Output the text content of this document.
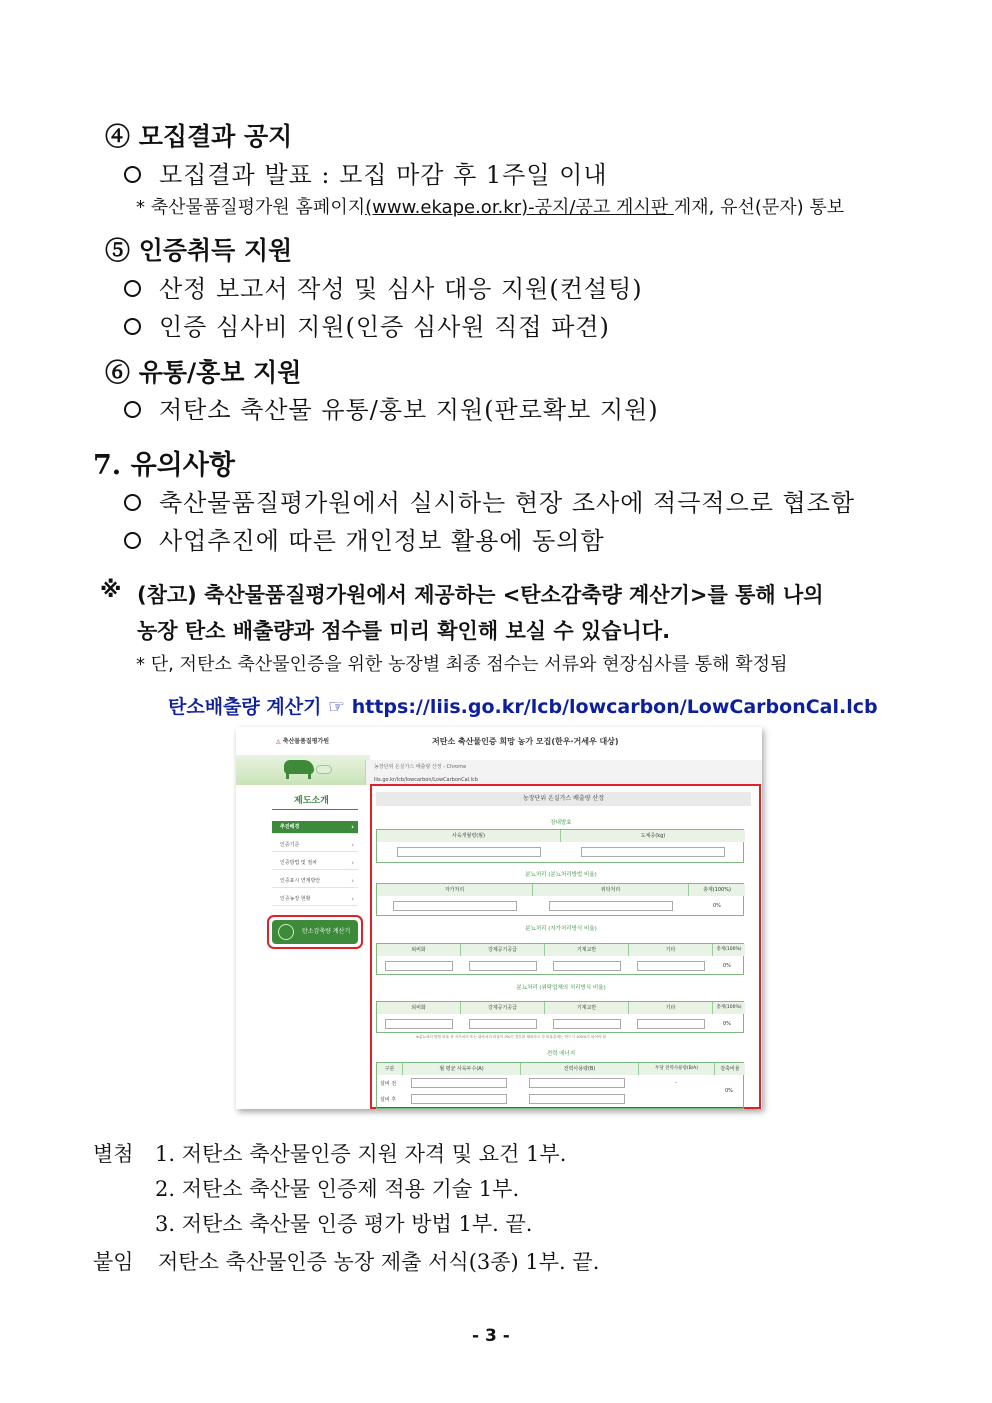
④ 모집결과 공지
모집결과 발표 : 모집 마감 후 1주일 이내
* 축산물품질평가원 홈페이지(www.ekape.or.kr)-공지/공고 게시판 게재, 유선(문자) 통보
⑤ 인증취득 지원
산정 보고서 작성 및 심사 대응 지원(컨설팅)
인증 심사비 지원(인증 심사원 직접 파견)
⑥ 유통/홍보 지원
저탄소 축산물 유통/홍보 지원(판로확보 지원)
7. 유의사항
축산물품질평가원에서 실시하는 현장 조사에 적극적으로 협조함
사업추진에 따른 개인정보 활용에 동의함
※ (참고) 축산물품질평가원에서 제공하는 <탄소감축량 계산기>를 통해 나의
농장 탄소 배출량과 점수를 미리 확인해 보실 수 있습니다.
* 단, 저탄소 축산물인증을 위한 농장별 최종 점수는 서류와 현장심사를 통해 확정됨
탄소배출량 계산기 ☞ https://liis.go.kr/lcb/lowcarbon/LowCarbonCal.lcb
◬ 축산물품질평가원	저탄소 축산물인증 희망 농가 모집(한우·거세우 대상)
제도소개
추진배경	›
인증기준	›
인증방법 및 절차	›
인증표시 연계방안	›
인증농장 현황	›
탄소감축량 계산기
농장단위 온실가스 배출량 산정 - Chrome
liis.go.kr/lcb/lowcarbon/LowCarbonCal.lcb
농장단위 온실가스 배출량 산정
장내발효
사육개월령(월)	도체중(kg)
분뇨처리 (분뇨처리방법 비율)
자가처리	위탁처리	총계(100%)
0%
분뇨처리 (자가처리방식 비율)
퇴비화	강제공기공급	기계교반	기타	총계(100%)
0%
분뇨처리 (위탁업체의 처리방식 비율)
퇴비화	강제공기공급	기계교반	기타	총계(100%)
0%
※분뇨처리 방법 비율 중 자가처리 또는 위탁처리 비율이 0%인 경우를 제외하고 각 비율총계는 반드시 100%가 되어야 함
전력 에너지
구분	월 평균 사육두수(A)	전력사용량(B)	두당 전력사용량(B/A)	감축비율
설비 전
설비 후
-
0%
별첨 1. 저탄소 축산물인증 지원 자격 및 요건 1부.
2. 저탄소 축산물 인증제 적용 기술 1부.
3. 저탄소 축산물 인증 평가 방법 1부. 끝.
붙임 저탄소 축산물인증 농장 제출 서식(3종) 1부. 끝.
- 3 -
